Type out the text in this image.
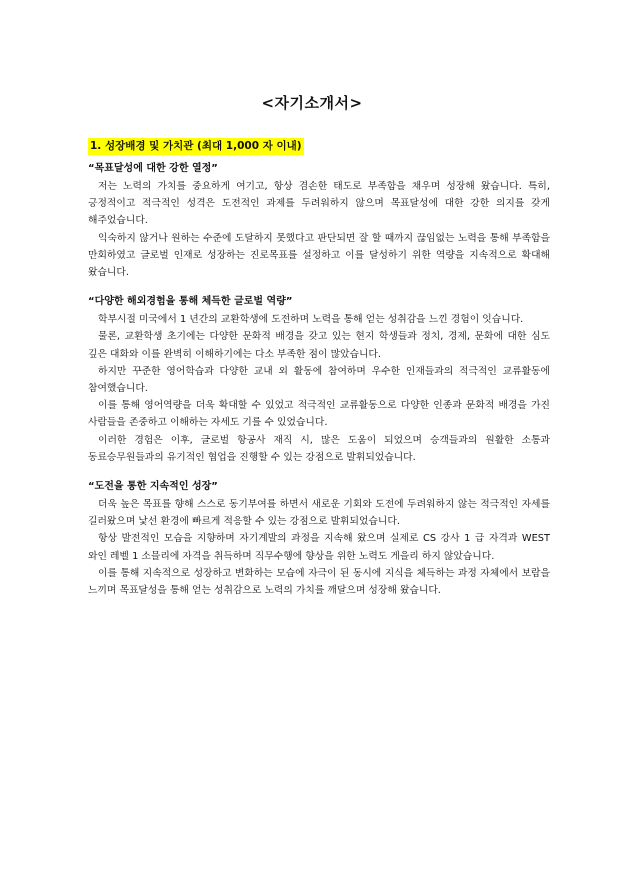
<자기소개서>
1. 성장배경 및 가치관 (최대 1,000 자 이내)
“목표달성에 대한 강한 열정”

저는 노력의 가치를 중요하게 여기고, 항상 겸손한 태도로 부족함을 채우며 성장해 왔습니다. 특히, 긍정적이고 적극적인 성격은 도전적인 과제를 두려워하지 않으며 목표달성에 대한 강한 의지를 갖게 해주었습니다.

익숙하지 않거나 원하는 수준에 도달하지 못했다고 판단되면 잘 할 때까지 끊임없는 노력을 통해 부족함을 만회하였고 글로벌 인재로 성장하는 진로목표를 설정하고 이를 달성하기 위한 역량을 지속적으로 확대해 왔습니다.

“다양한 해외경험을 통해 체득한 글로벌 역량”

학부시절 미국에서 1 년간의 교환학생에 도전하며 노력을 통해 얻는 성취감을 느낀 경험이 잇습니다.

물론, 교환학생 초기에는 다양한 문화적 배경을 갖고 있는 현지 학생들과 정치, 경제, 문화에 대한 심도 깊은 대화와 이를 완벽히 이해하기에는 다소 부족한 점이 많았습니다.

하지만 꾸준한 영어학습과 다양한 교내 외 활동에 참여하며 우수한 인재들과의 적극적인 교류활동에 참여했습니다.

이를 통해 영어역량을 더욱 확대할 수 있었고 적극적인 교류활동으로 다양한 인종과 문화적 배경을 가진 사람들을 존중하고 이해하는 자세도 기를 수 있었습니다.

이러한 경험은 이후, 글로벌 항공사 재직 시, 많은 도움이 되었으며 승객들과의 원활한 소통과 동료승무원들과의 유기적인 협업을 진행할 수 있는 강점으로 발휘되었습니다.

“도전을 통한 지속적인 성장”

더욱 높은 목표를 향해 스스로 동기부여를 하면서 새로운 기회와 도전에 두려워하지 않는 적극적인 자세를 길러왔으며 낯선 환경에 빠르게 적응할 수 있는 강점으로 발휘되었습니다.

항상 발전적인 모습을 지향하며 자기계발의 과정을 지속해 왔으며 실제로 CS 강사 1 급 자격과 WEST 와인 레벨 1 소믈리에 자격을 취득하며 직무수행에 향상을 위한 노력도 게을리 하지 않았습니다.

이를 통해 지속적으로 성장하고 변화하는 모습에 자극이 된 동시에 지식을 체득하는 과정 자체에서 보람을 느끼며 목표달성을 통해 얻는 성취감으로 노력의 가치를 깨달으며 성장해 왔습니다.
